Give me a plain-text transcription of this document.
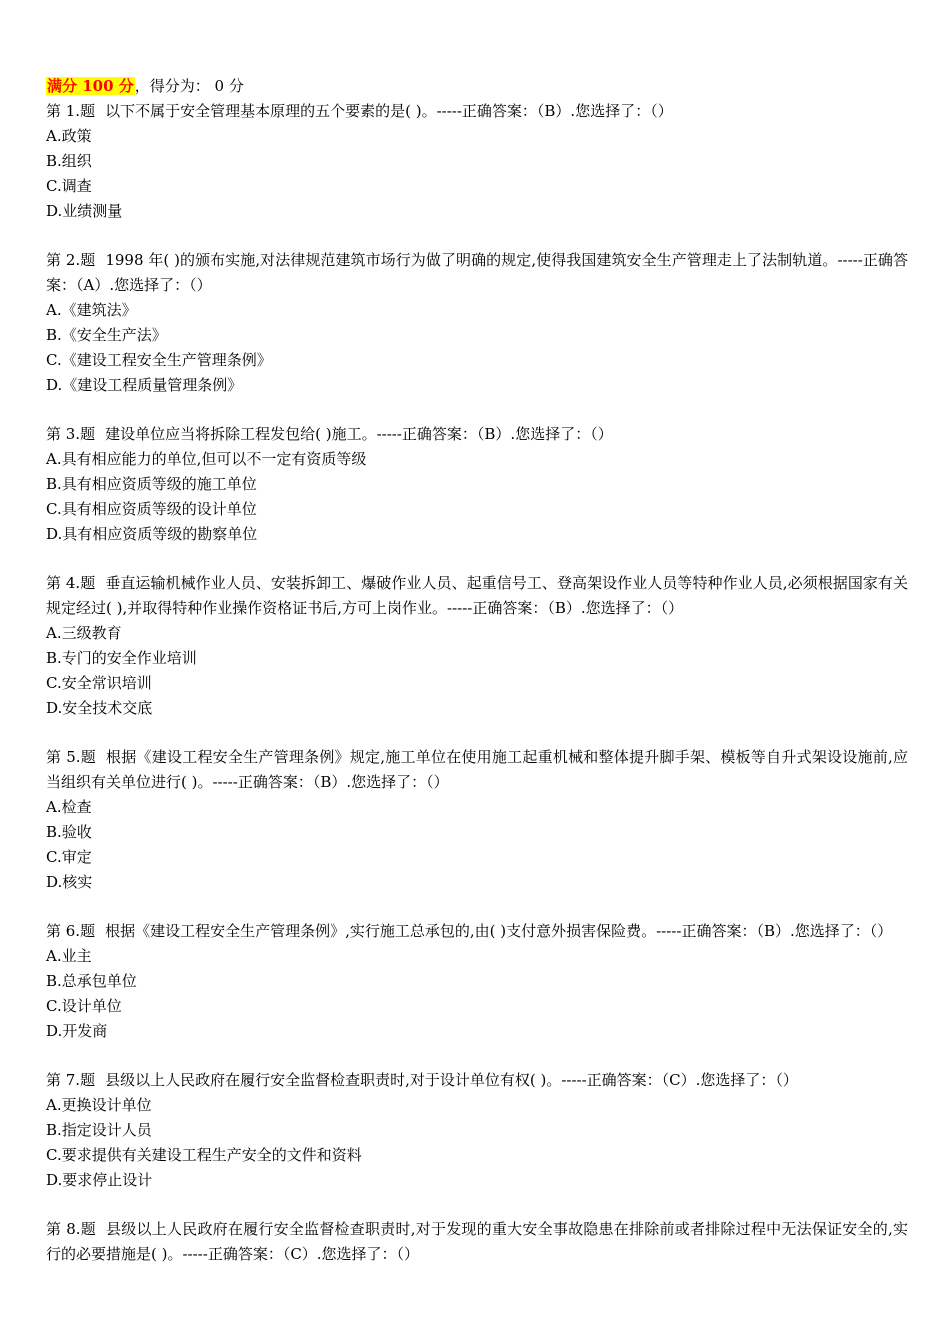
满分 100 分，得分为： 0 分
第 1.题 以下不属于安全管理基本原理的五个要素的是( )。-----正确答案：（B）.您选择了：（）
A.政策
B.组织
C.调查
D.业绩测量
第 2.题 1998 年( )的颁布实施,对法律规范建筑市场行为做了明确的规定,使得我国建筑安全生产管理走上了法制轨道。-----正确答案：（A）.您选择了：（）
A.《建筑法》
B.《安全生产法》
C.《建设工程安全生产管理条例》
D.《建设工程质量管理条例》
第 3.题 建设单位应当将拆除工程发包给( )施工。-----正确答案：（B）.您选择了：（）
A.具有相应能力的单位,但可以不一定有资质等级
B.具有相应资质等级的施工单位
C.具有相应资质等级的设计单位
D.具有相应资质等级的勘察单位
第 4.题 垂直运输机械作业人员、安装拆卸工、爆破作业人员、起重信号工、登高架设作业人员等特种作业人员,必须根据国家有关规定经过( ),并取得特种作业操作资格证书后,方可上岗作业。-----正确答案：（B）.您选择了：（）
A.三级教育
B.专门的安全作业培训
C.安全常识培训
D.安全技术交底
第 5.题 根据《建设工程安全生产管理条例》规定,施工单位在使用施工起重机械和整体提升脚手架、模板等自升式架设设施前,应当组织有关单位进行( )。-----正确答案：（B）.您选择了：（）
A.检查
B.验收
C.审定
D.核实
第 6.题 根据《建设工程安全生产管理条例》,实行施工总承包的,由( )支付意外损害保险费。-----正确答案：（B）.您选择了：（）
A.业主
B.总承包单位
C.设计单位
D.开发商
第 7.题 县级以上人民政府在履行安全监督检查职责时,对于设计单位有权( )。-----正确答案：（C）.您选择了：（）
A.更换设计单位
B.指定设计人员
C.要求提供有关建设工程生产安全的文件和资料
D.要求停止设计
第 8.题 县级以上人民政府在履行安全监督检查职责时,对于发现的重大安全事故隐患在排除前或者排除过程中无法保证安全的,实行的必要措施是( )。-----正确答案：（C）.您选择了：（）
